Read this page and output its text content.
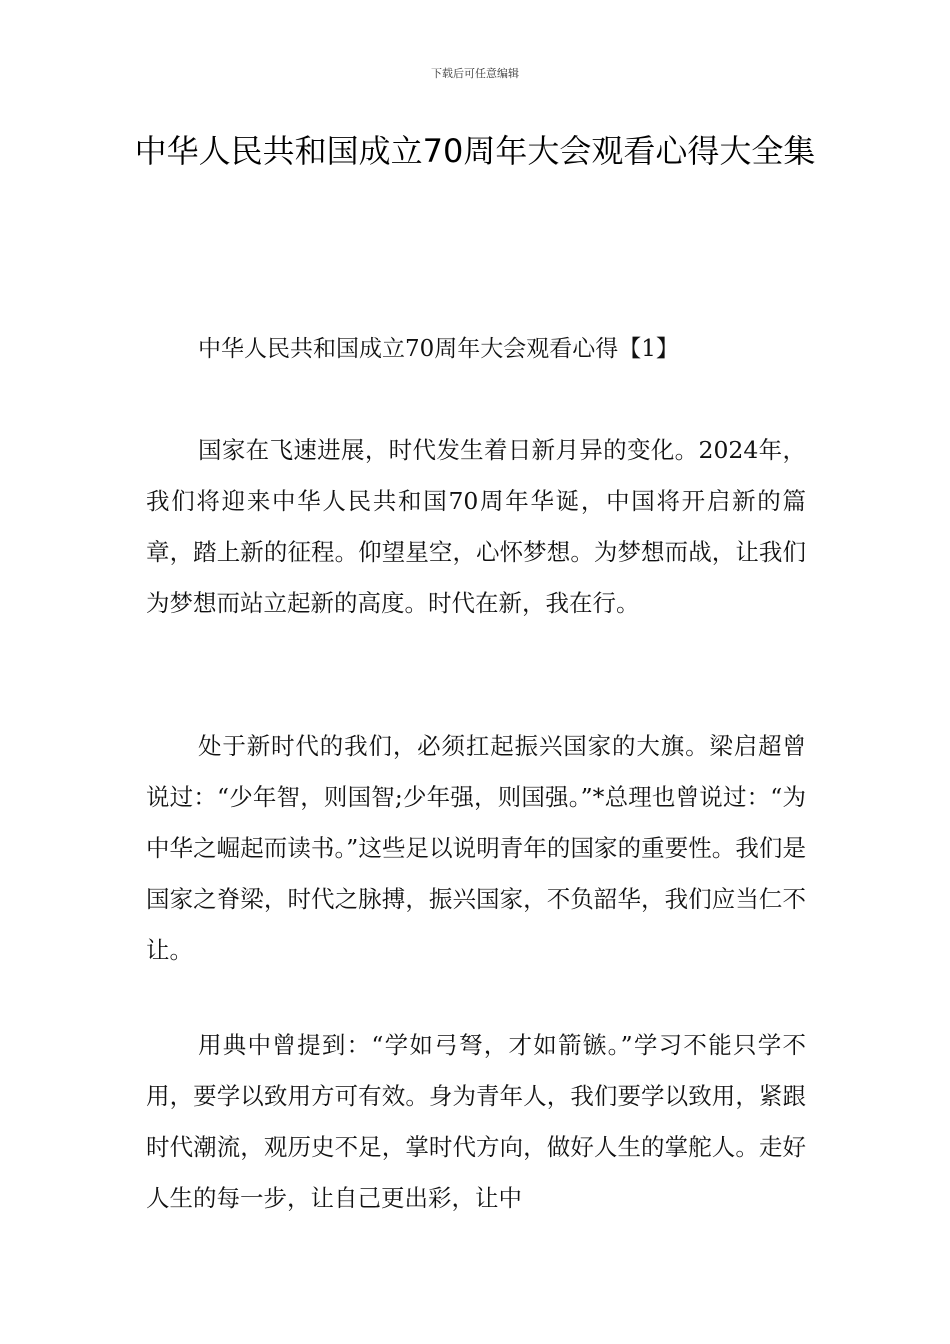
下载后可任意编辑
中华人民共和国成立70周年大会观看心得大全集
中华人民共和国成立70周年大会观看心得【1】

国家在飞速进展，时代发生着日新月异的变化。2024年，我们将迎来中华人民共和国70周年华诞，中国将开启新的篇章，踏上新的征程。仰望星空，心怀梦想。为梦想而战，让我们为梦想而站立起新的高度。时代在新，我在行。

处于新时代的我们，必须扛起振兴国家的大旗。梁启超曾说过：“少年智，则国智;少年强，则国强。”*总理也曾说过：“为中华之崛起而读书。”这些足以说明青年的国家的重要性。我们是国家之脊梁，时代之脉搏，振兴国家，不负韶华，我们应当仁不让。

用典中曾提到：“学如弓弩，才如箭镞。”学习不能只学不用，要学以致用方可有效。身为青年人，我们要学以致用，紧跟时代潮流，观历史不足，掌时代方向，做好人生的掌舵人。走好人生的每一步，让自己更出彩，让中
